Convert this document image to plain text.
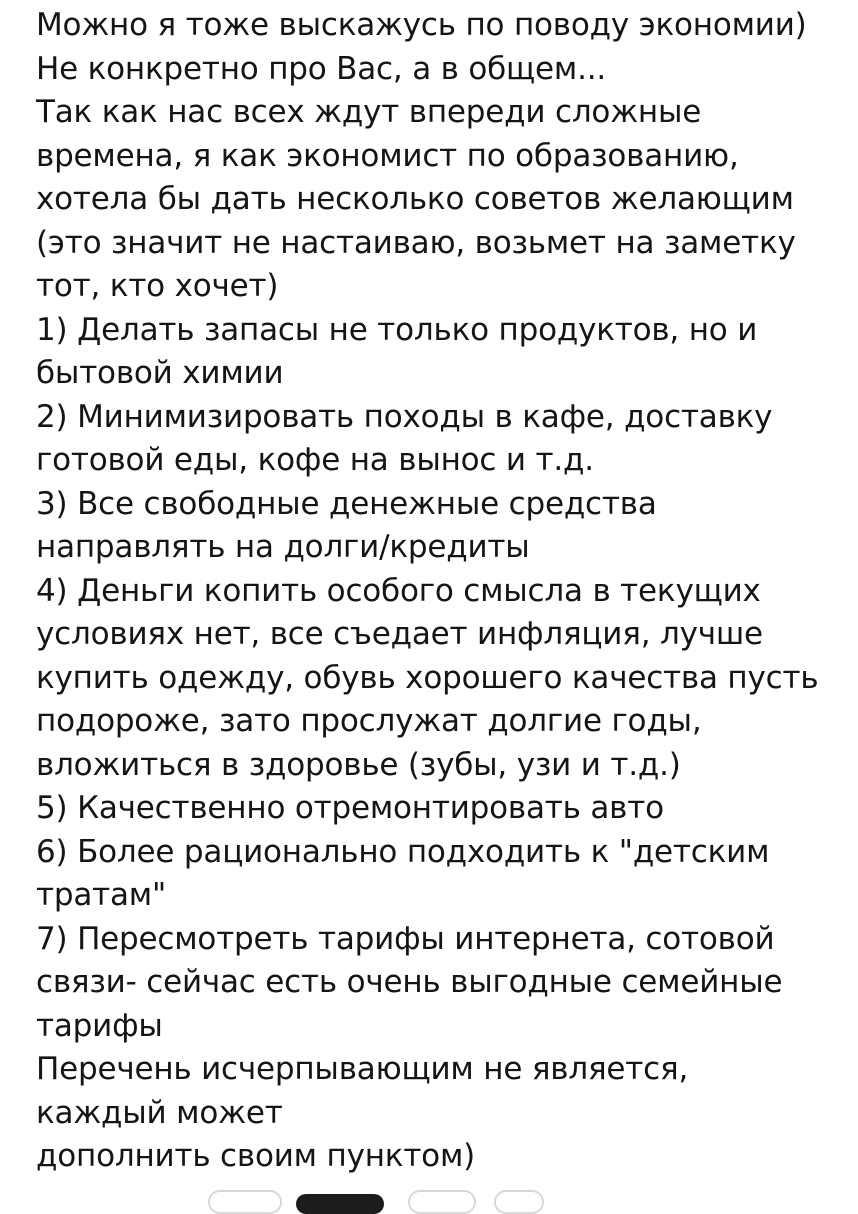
Можно я тоже выскажусь по поводу экономии)
Не конкретно про Вас, а в общем...
Так как нас всех ждут впереди сложные
времена, я как экономист по образованию,
хотела бы дать несколько советов желающим
(это значит не настаиваю, возьмет на заметку
тот, кто хочет)
1) Делать запасы не только продуктов, но и
бытовой химии
2) Минимизировать походы в кафе, доставку
готовой еды, кофе на вынос и т.д.
3) Все свободные денежные средства
направлять на долги/кредиты
4) Деньги копить особого смысла в текущих
условиях нет, все съедает инфляция, лучше
купить одежду, обувь хорошего качества пусть
подороже, зато прослужат долгие годы,
вложиться в здоровье (зубы, узи и т.д.)
5) Качественно отремонтировать авто
6) Более рационально подходить к "детским
тратам"
7) Пересмотреть тарифы интернета, сотовой
связи- сейчас есть очень выгодные семейные
тарифы
Перечень исчерпывающим не является,
каждый может
дополнить своим пунктом)
